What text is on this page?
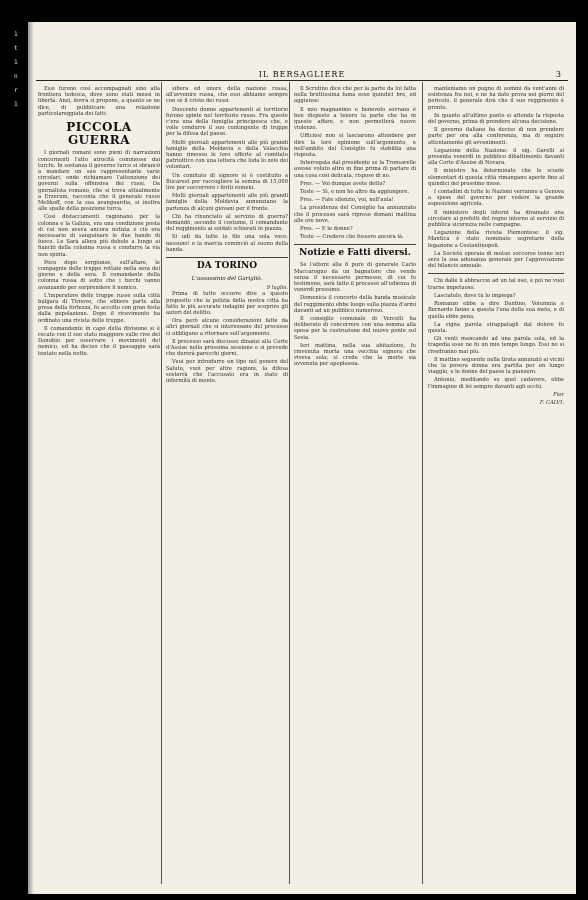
IL BERSAGLIERE	3

Essi furono così accompagnati sino alla frontiera tedesca, dove sono stati messi in libertà. Anzi, dovrà si propone, a quanto se ne dice, di pubblicare una relazione particolareggiata dei fatti.

PICCOLA GUERRA

I giornali romani sono pieni di narrazioni concernenti l'atto atrocità commesse dai turchi. In sostanza il governo turco si sbrancò a mandare un suo rappresentante varie circolari, onde richiamare l'attenzione dei governi sulla offensiva dei russi. Da giornalista romano, che si trova attualmente a Erzerum, racconta che il generale russo Melikoff, con la sua avanguardia, si inoltra alle spalle della posizione turca.

Così distaccamenti ragionano per la colonna e la Galizia, era una condizione posta di cui non aveva ancora notizia e ciò era necessario di sanguinare le due bande di fuoco. Le Sarà allora più debole a lungo ai fianchi della colonna russa e condurre la via non spinta.

Poco dopo sorgiunse, sull'altare, le compagnie delle truppe rettate nella sera del giorno e della sera. Il comandante della colonna russa di sotto che i turchi vanno avanzando per sorprendere il nemico.

L'imperatore delle truppe russe sulla città bulgara di Tirnovo, che ebbero parte alla presa della fortezza, fu accolto con gran festa dalla popolazione. Dopo il ricevimento ha ordinato una rivista delle truppe.

Il comandante in capo della divisione si è recato con il suo stato maggiore sulle rive del Danubio per osservare i movimenti del nemico, ed ha deciso che il passaggio sarà tentato nella notte.

sibera ed onore della nazione russa, all'avvenire russa, che essi abbiamo sempre con sè il cristo dei russi.

Duecento donne appartenenti al territorio furono spinte nel territorio russo. Fra queste c'era una della famiglia principesca che, e volle condurre il suo contingente di truppe per la difesa del paese.

Molti giornali appartenenti alle più grandi famiglie della Moldavia e della Valacchia hanno rimesso le loro offerte al comitato patriottico con una lettera che loda lo zelo dei volontari.

Un comitato di signore si è costituito a Bucarest per raccogliere la somma di 15,000 lire per soccorrere i feriti romeni.

Molti giornali appartenenti alle più grandi famiglie della Moldavia annunziano la partenza di alcuni giovani per il fronte.

Chi ha rinunciato al servizio di guerra? domandò, secondo il costume, il comandante del reggimento ai soldati schierati in piazza.

Si udì da tutte le file una sola voce: nessuno! e la marcia cominciò al suono della banda.

DA TORINO
L'assassinio del Garigliò.
9 luglio.

Prima di tutto occorre dire a questo proposito che la polizia della nostra città ha fatto le più accurate indagini per scoprire gli autori del delitto.

Ora però alcune considerazioni fatte da altri giornali che si interessano del processo ci obbligano a ritornare sull'argomento.

Il processo sarà discusso dinanzi alla Corte d'Assise nella prossima sessione e si prevede che durerà parecchi giorni.

Vuoi per introdurre un tipo nel genere del Saluto, vuoi per altre ragioni, la difesa sosterrà che l'accusato era in stato di infermità di mente.

Il Scrutino dice che per la parte da lui fatta nella bruttissima fama esso quindici bre, ed aggiunse:

Il mio magnanimo e benevolo sovrano è ben disposto a tenere la parte che ha in questo affare, e non permetterà nuove violenze.

Ufficiosi non si lasciarono attendere per dire la loro opinione sull'argomento, e nell'ambito del Consiglio fu stabilita una risposta.

Interrogata dal presidente se la Tronsarelle avesse voluto altro in fine prima di parlare di una cosa così delicata, rispose di no.

Pres. — Voi dunque avete detto?

Teste — Sì, e non ho altro da aggiungere.

Pres. — Fate silenzio, voi, nell'aula!

La presidenza del Consiglio ha annunziato che il processo sarà ripreso domani mattina alle ore nove.

Pres. — E le donne?

Teste — Credevo che fossero ancora là.

Notizie e Fatti diversi.

Se l'attore alla 6 pure di generale Carlo Maccarogno da un bagnatore che vende senza il necessario permesso, di cui fu testimone, sarà fatto il processo all'udienza di venerdì prossimo.

Domenica il concerto della banda musicale del reggimento ebbe luogo sulla piazza d'armi davanti ad un pubblico numeroso.

Il consiglio comunale di Vercelli ha deliberato di concorrere con una somma alla spesa per la costruzione del nuovo ponte sul Sesia.

Ieri mattina, nella sua abitazione, fu rinvenuta morta una vecchia signora che viveva sola; si crede che la morte sia avvenuta per apoplessia.

manteniamo un pugno di uomini da vent'anni di esistenza fra noi, e ne ha dato prova nei giorni del pericolo, il generale dirà che il suo reggimento è pronto.

In quanto all'ultimo punto si attende la risposta del governo, prima di prendere alcuna decisione.

Il governo italiano ha deciso di non prendere parte per ora alla conferenza, ma di seguire attentamente gli avvenimenti.

Legazione della Nazione: il sig. Garelli si presenta venerdì in pubblico dibattimento davanti alla Corte d'Assise di Novara.

Il ministro ha determinato che le scuole elementari di questa città rimangano aperte fino al quindici del prossimo mese.

I contadini di tutte le Nazioni verranno a Genova a spese del governo per vedere la grande esposizione agricola.

Il ministero degli interni ha diramato una circolare ai prefetti del regno intorno al servizio di pubblica sicurezza nelle campagne.

Legazione della rivista Piemontese: il sig. Mantica è stato nominato segretario della legazione a Costantinopoli.

La Società operaia di mutuo soccorso tenne ieri sera la sua adunanza generale per l'approvazione del bilancio annuale.

Chi dalle li abbraccio ad un tal uso, e poi ne vuoi trarne impetuoso.

Lasciatelo, dove tu lo impiega?

Romanzo ebbe a dire Dantino, Volumnia e Bernardo fanno a questa l'una della sua meta, e di quella ebbe pena.

La vigna parola strappatagli dal dolore fu questa.

Gli venti mancando ad una parola sola, ed la tragedia esse ne fu un mio tempo lungo. Essi no si rivedranno mai più.

Il mattino seguente nella tirata annunziò ai vicini che la povera donna era partita per un lungo viaggio, e le donne del paese la piansero.

Antonio, meditando su quel cadavere, ebbe l'immagine di lei sempre davanti agli occhi.

Fior
F. CALVI.
1
t
1
n
r
1
